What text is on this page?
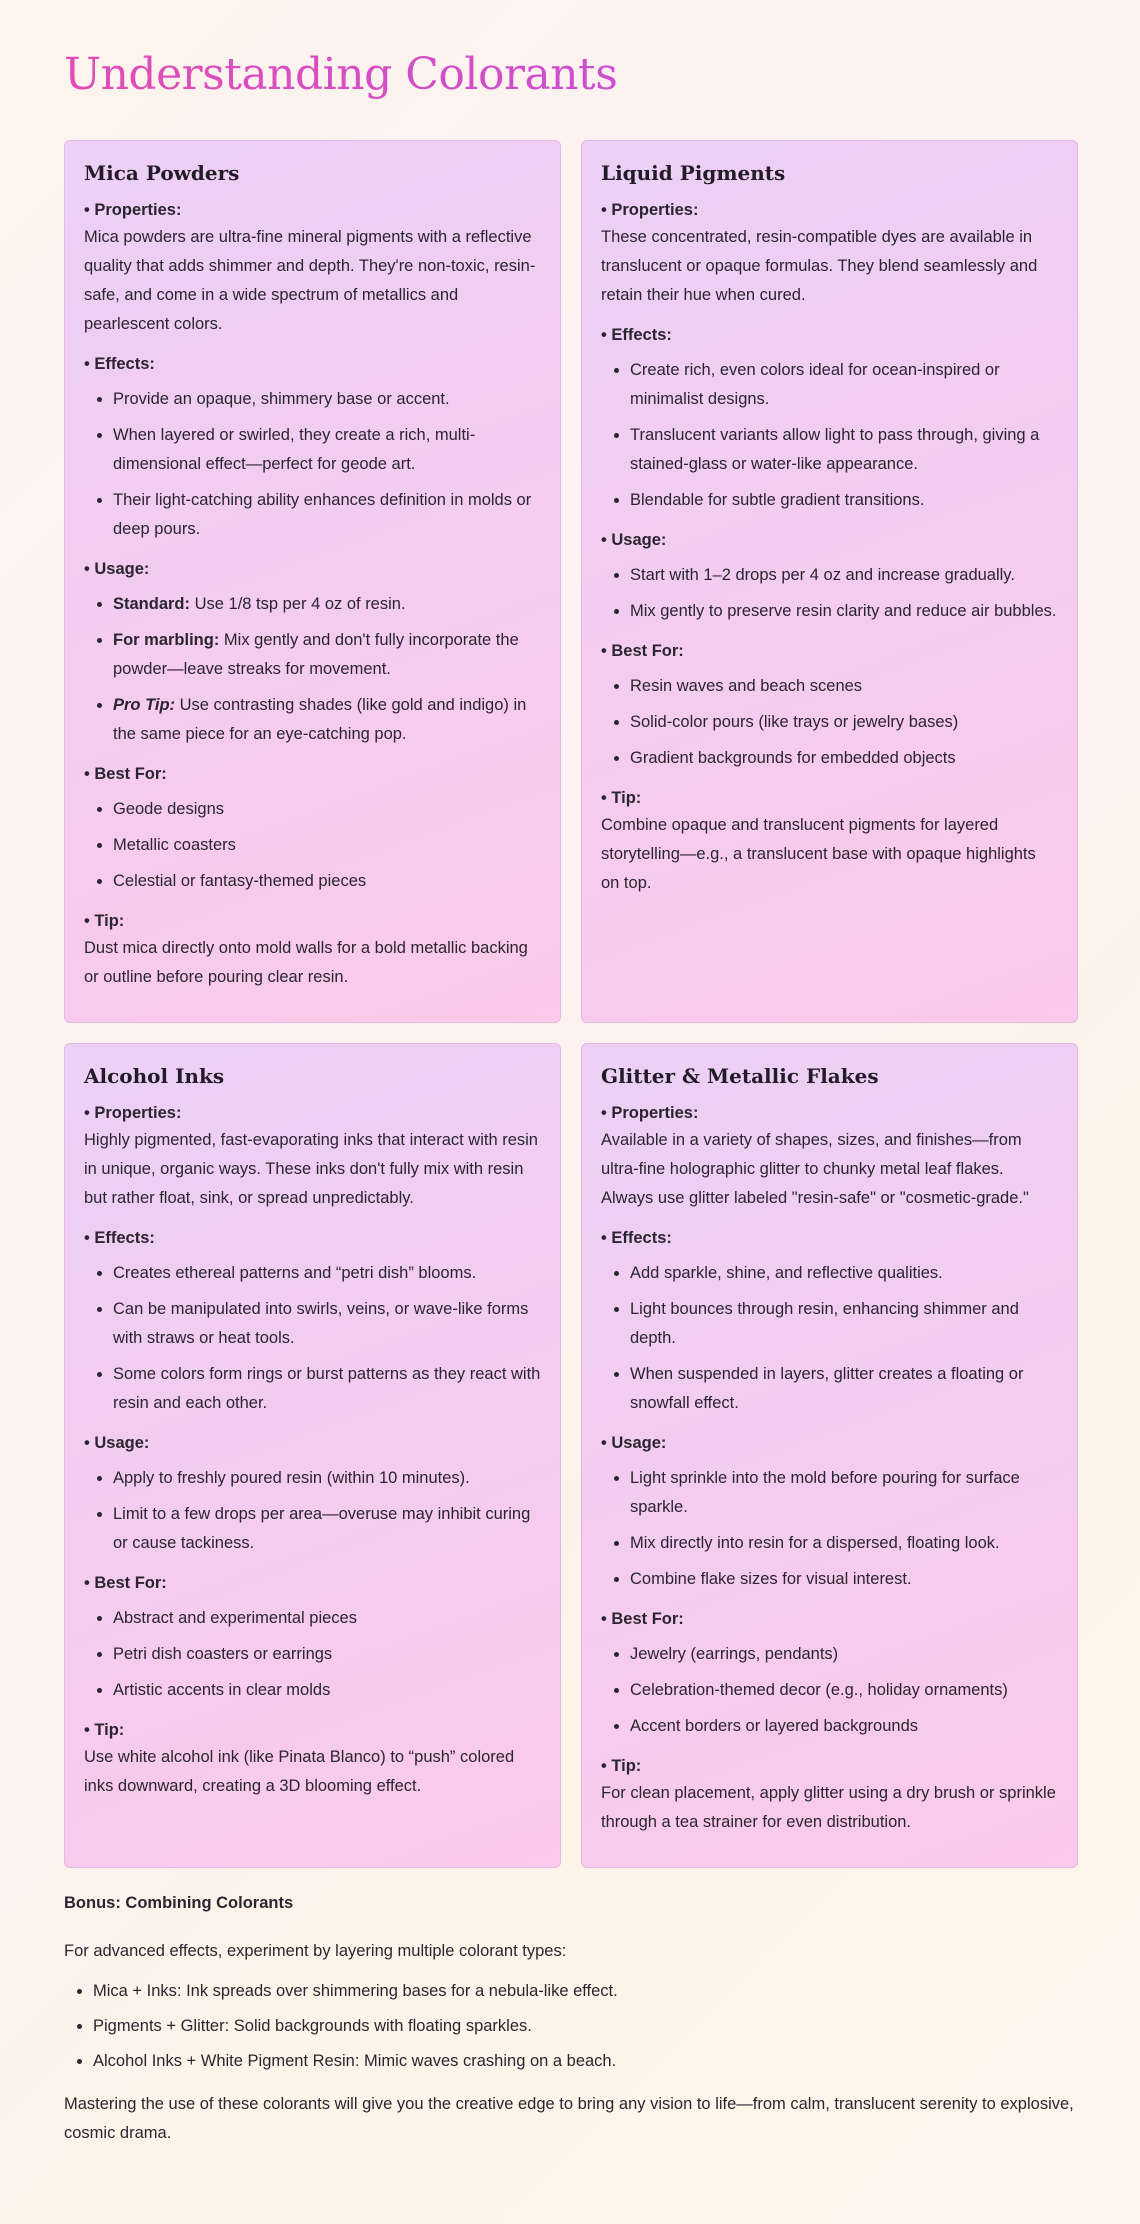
Understanding Colorants
Mica Powders

• Properties:

Mica powders are ultra-fine mineral pigments with a reflective quality that adds shimmer and depth. They're non-toxic, resin-safe, and come in a wide spectrum of metallics and pearlescent colors.

• Effects:

• Provide an opaque, shimmery base or accent.
• When layered or swirled, they create a rich, multi-dimensional effect—perfect for geode art.
• Their light-catching ability enhances definition in molds or deep pours.

• Usage:

• Standard: Use 1/8 tsp per 4 oz of resin.
• For marbling: Mix gently and don't fully incorporate the powder—leave streaks for movement.
• Pro Tip: Use contrasting shades (like gold and indigo) in the same piece for an eye-catching pop.

• Best For:

• Geode designs
• Metallic coasters
• Celestial or fantasy-themed pieces

• Tip:

Dust mica directly onto mold walls for a bold metallic backing or outline before pouring clear resin.

Liquid Pigments

• Properties:

These concentrated, resin-compatible dyes are available in translucent or opaque formulas. They blend seamlessly and retain their hue when cured.

• Effects:

• Create rich, even colors ideal for ocean-inspired or minimalist designs.
• Translucent variants allow light to pass through, giving a stained-glass or water-like appearance.
• Blendable for subtle gradient transitions.

• Usage:

• Start with 1–2 drops per 4 oz and increase gradually.
• Mix gently to preserve resin clarity and reduce air bubbles.

• Best For:

• Resin waves and beach scenes
• Solid-color pours (like trays or jewelry bases)
• Gradient backgrounds for embedded objects

• Tip:

Combine opaque and translucent pigments for layered storytelling—e.g., a translucent base with opaque highlights on top.

Alcohol Inks

• Properties:

Highly pigmented, fast-evaporating inks that interact with resin in unique, organic ways. These inks don't fully mix with resin but rather float, sink, or spread unpredictably.

• Effects:

• Creates ethereal patterns and “petri dish” blooms.
• Can be manipulated into swirls, veins, or wave-like forms with straws or heat tools.
• Some colors form rings or burst patterns as they react with resin and each other.

• Usage:

• Apply to freshly poured resin (within 10 minutes).
• Limit to a few drops per area—overuse may inhibit curing or cause tackiness.

• Best For:

• Abstract and experimental pieces
• Petri dish coasters or earrings
• Artistic accents in clear molds

• Tip:

Use white alcohol ink (like Pinata Blanco) to “push” colored inks downward, creating a 3D blooming effect.

Glitter & Metallic Flakes

• Properties:

Available in a variety of shapes, sizes, and finishes—from ultra-fine holographic glitter to chunky metal leaf flakes. Always use glitter labeled "resin-safe" or "cosmetic-grade."

• Effects:

• Add sparkle, shine, and reflective qualities.
• Light bounces through resin, enhancing shimmer and depth.
• When suspended in layers, glitter creates a floating or snowfall effect.

• Usage:

• Light sprinkle into the mold before pouring for surface sparkle.
• Mix directly into resin for a dispersed, floating look.
• Combine flake sizes for visual interest.

• Best For:

• Jewelry (earrings, pendants)
• Celebration-themed decor (e.g., holiday ornaments)
• Accent borders or layered backgrounds

• Tip:

For clean placement, apply glitter using a dry brush or sprinkle through a tea strainer for even distribution.

Bonus: Combining Colorants

For advanced effects, experiment by layering multiple colorant types:

• Mica + Inks: Ink spreads over shimmering bases for a nebula-like effect.
• Pigments + Glitter: Solid backgrounds with floating sparkles.
• Alcohol Inks + White Pigment Resin: Mimic waves crashing on a beach.

Mastering the use of these colorants will give you the creative edge to bring any vision to life—from calm, translucent serenity to explosive, cosmic drama.
